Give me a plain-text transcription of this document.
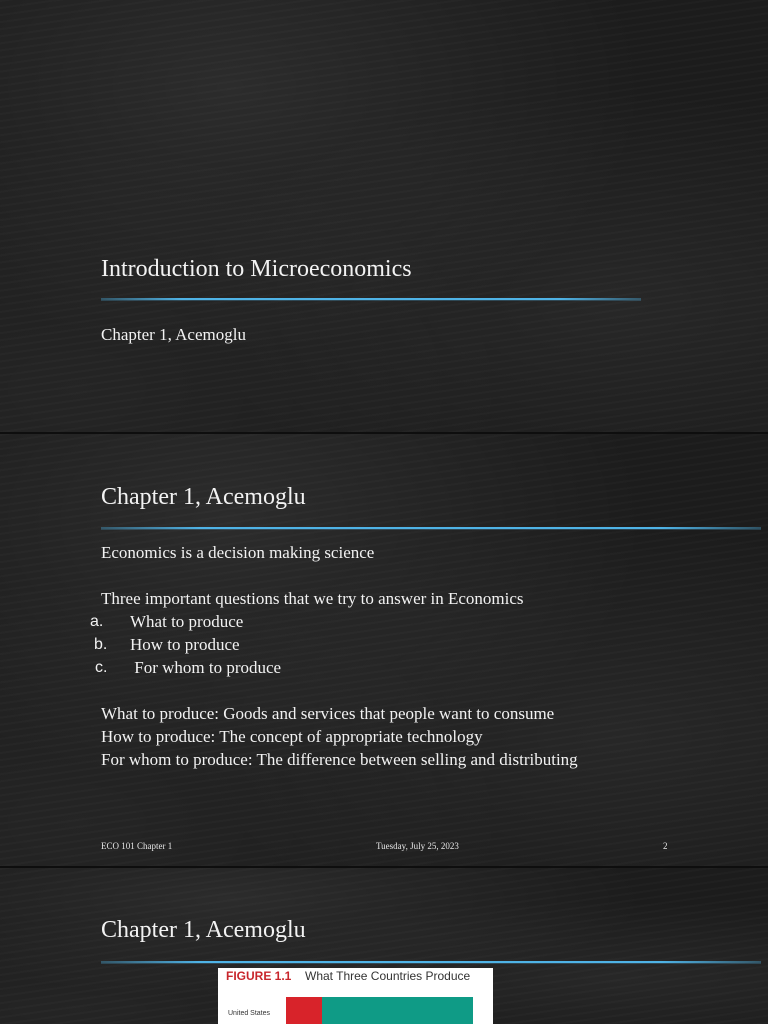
Introduction to Microeconomics
Chapter 1, Acemoglu
Chapter 1, Acemoglu
Economics is a decision making science
Three important questions that we try to answer in Economics
a. What to produce
b. How to produce
c. For whom to produce
What to produce: Goods and services that people want to consume
How to produce: The concept of appropriate technology
For whom to produce: The difference between selling and distributing
ECO 101 Chapter 1	Tuesday, July 25, 2023	2
Chapter 1, Acemoglu
FIGURE 1.1 What Three Countries Produce
United States
